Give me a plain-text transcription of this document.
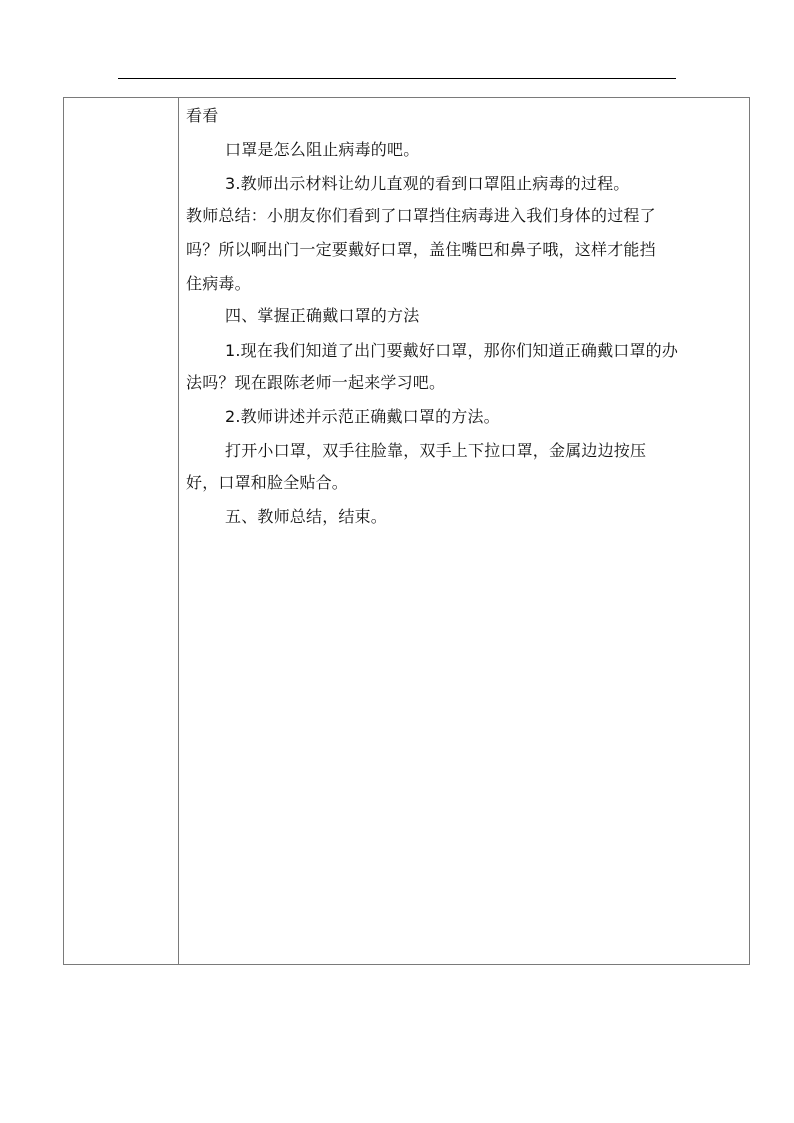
看看
口罩是怎么阻止病毒的吧。
3.教师出示材料让幼儿直观的看到口罩阻止病毒的过程。
教师总结：小朋友你们看到了口罩挡住病毒进入我们身体的过程了
吗？所以啊出门一定要戴好口罩，盖住嘴巴和鼻子哦，这样才能挡
住病毒。
四、掌握正确戴口罩的方法
1.现在我们知道了出门要戴好口罩，那你们知道正确戴口罩的办
法吗？现在跟陈老师一起来学习吧。
2.教师讲述并示范正确戴口罩的方法。
打开小口罩，双手往脸靠，双手上下拉口罩，金属边边按压
好，口罩和脸全贴合。
五、教师总结，结束。
